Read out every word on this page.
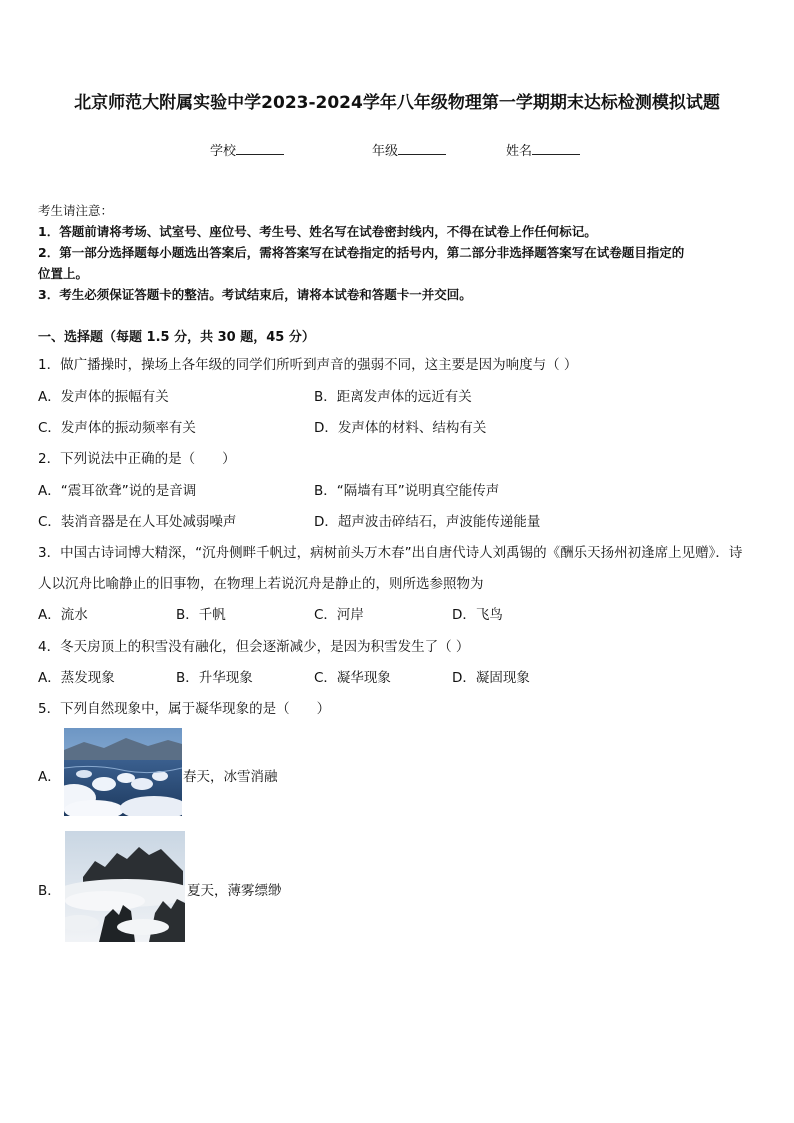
北京师范大附属实验中学2023-2024学年八年级物理第一学期期末达标检测模拟试题
学校	年级	姓名
考生请注意：
1．答题前请将考场、试室号、座位号、考生号、姓名写在试卷密封线内，不得在试卷上作任何标记。
2．第一部分选择题每小题选出答案后，需将答案写在试卷指定的括号内，第二部分非选择题答案写在试卷题目指定的
位置上。
3．考生必须保证答题卡的整洁。考试结束后，请将本试卷和答题卡一并交回。
一、选择题（每题 1.5 分，共 30 题，45 分）
1．做广播操时，操场上各年级的同学们所听到声音的强弱不同，这主要是因为响度与（ ）
A．发声体的振幅有关	B．距离发声体的远近有关
C．发声体的振动频率有关	D．发声体的材料、结构有关
2．下列说法中正确的是（　　）
A．“震耳欲聋”说的是音调	B．“隔墙有耳”说明真空能传声
C．装消音器是在人耳处减弱噪声	D．超声波击碎结石，声波能传递能量
3．中国古诗词博大精深，“沉舟侧畔千帆过，病树前头万木春”出自唐代诗人刘禹锡的《酬乐天扬州初逢席上见赠》．诗
人以沉舟比喻静止的旧事物，在物理上若说沉舟是静止的，则所选参照物为
A．流水	B．千帆	C．河岸	D．飞鸟
4．冬天房顶上的积雪没有融化，但会逐渐减少，是因为积雪发生了（ ）
A．蒸发现象	B．升华现象	C．凝华现象	D．凝固现象
5．下列自然现象中，属于凝华现象的是（　　）
A．	春天，冰雪消融
B．	夏天，薄雾缥缈
